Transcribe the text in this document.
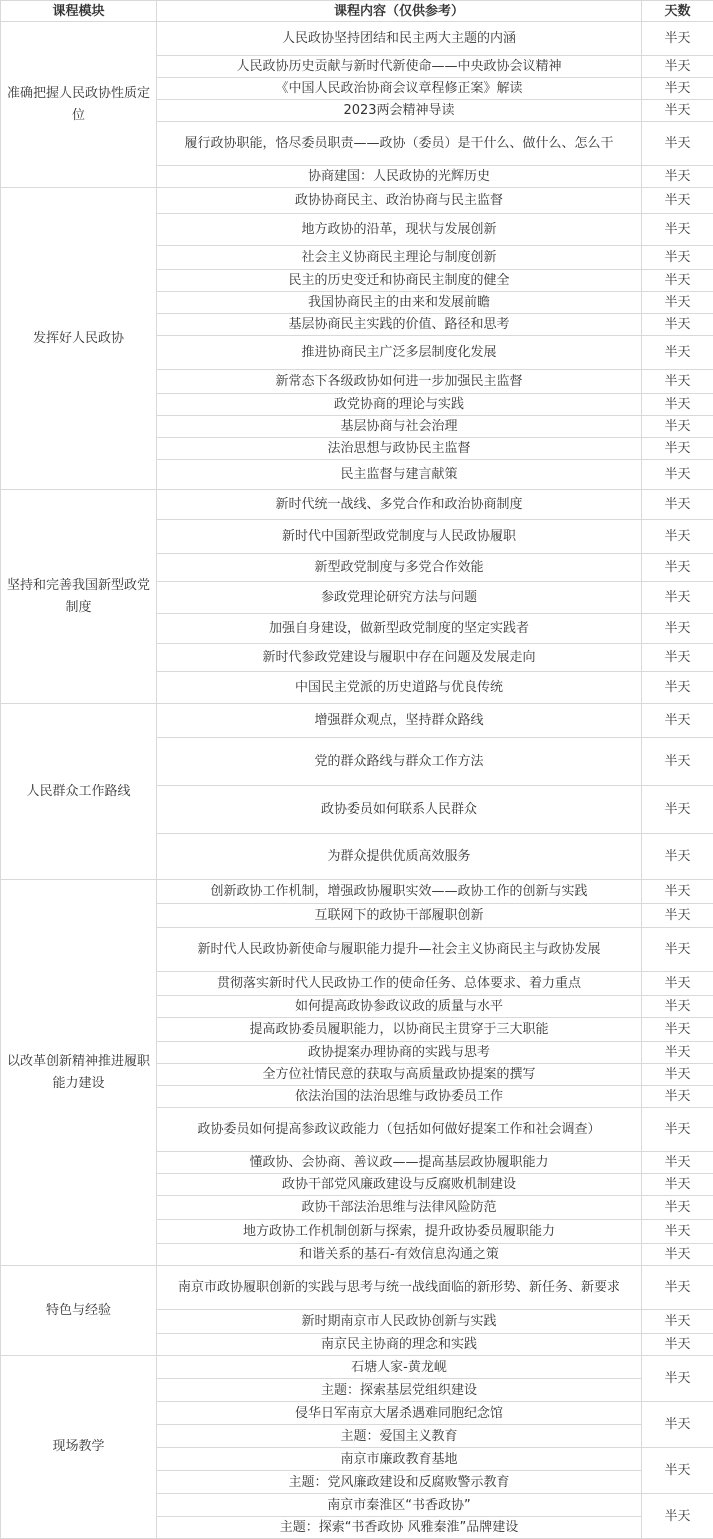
课程模块	课程内容（仅供参考）	天数
准确把握人民政协性质定位	人民政协坚持团结和民主两大主题的内涵	半天
	人民政协历史贡献与新时代新使命——中央政协会议精神	半天
	《中国人民政治协商会议章程修正案》解读	半天
	2023两会精神导读	半天
	履行政协职能，恪尽委员职责——政协（委员）是干什么、做什么、怎么干	半天
	协商建国：人民政协的光辉历史	半天
发挥好人民政协	政协协商民主、政治协商与民主监督	半天
	地方政协的沿革，现状与发展创新	半天
	社会主义协商民主理论与制度创新	半天
	民主的历史变迁和协商民主制度的健全	半天
	我国协商民主的由来和发展前瞻	半天
	基层协商民主实践的价值、路径和思考	半天
	推进协商民主广泛多层制度化发展	半天
	新常态下各级政协如何进一步加强民主监督	半天
	政党协商的理论与实践	半天
	基层协商与社会治理	半天
	法治思想与政协民主监督	半天
	民主监督与建言献策	半天
坚持和完善我国新型政党制度	新时代统一战线、多党合作和政治协商制度	半天
	新时代中国新型政党制度与人民政协履职	半天
	新型政党制度与多党合作效能	半天
	参政党理论研究方法与问题	半天
	加强自身建设，做新型政党制度的坚定实践者	半天
	新时代参政党建设与履职中存在问题及发展走向	半天
	中国民主党派的历史道路与优良传统	半天
人民群众工作路线	增强群众观点，坚持群众路线	半天
	党的群众路线与群众工作方法	半天
	政协委员如何联系人民群众	半天
	为群众提供优质高效服务	半天
以改革创新精神推进履职能力建设	创新政协工作机制，增强政协履职实效——政协工作的创新与实践	半天
	互联网下的政协干部履职创新	半天
	新时代人民政协新使命与履职能力提升—社会主义协商民主与政协发展	半天
	贯彻落实新时代人民政协工作的使命任务、总体要求、着力重点	半天
	如何提高政协参政议政的质量与水平	半天
	提高政协委员履职能力，以协商民主贯穿于三大职能	半天
	政协提案办理协商的实践与思考	半天
	全方位社情民意的获取与高质量政协提案的撰写	半天
	依法治国的法治思维与政协委员工作	半天
	政协委员如何提高参政议政能力（包括如何做好提案工作和社会调查）	半天
	懂政协、会协商、善议政——提高基层政协履职能力	半天
	政协干部党风廉政建设与反腐败机制建设	半天
	政协干部法治思维与法律风险防范	半天
	地方政协工作机制创新与探索，提升政协委员履职能力	半天
	和谐关系的基石-有效信息沟通之策	半天
特色与经验	南京市政协履职创新的实践与思考与统一战线面临的新形势、新任务、新要求	半天
	新时期南京市人民政协创新与实践	半天
	南京民主协商的理念和实践	半天
现场教学	石塘人家-黄龙岘	半天
	主题：探索基层党组织建设	
	侵华日军南京大屠杀遇难同胞纪念馆	半天
	主题：爱国主义教育	
	南京市廉政教育基地	半天
	主题：党风廉政建设和反腐败警示教育	
	南京市秦淮区“书香政协”	半天
	主题：探索“书香政协 风雅秦淮”品牌建设	
